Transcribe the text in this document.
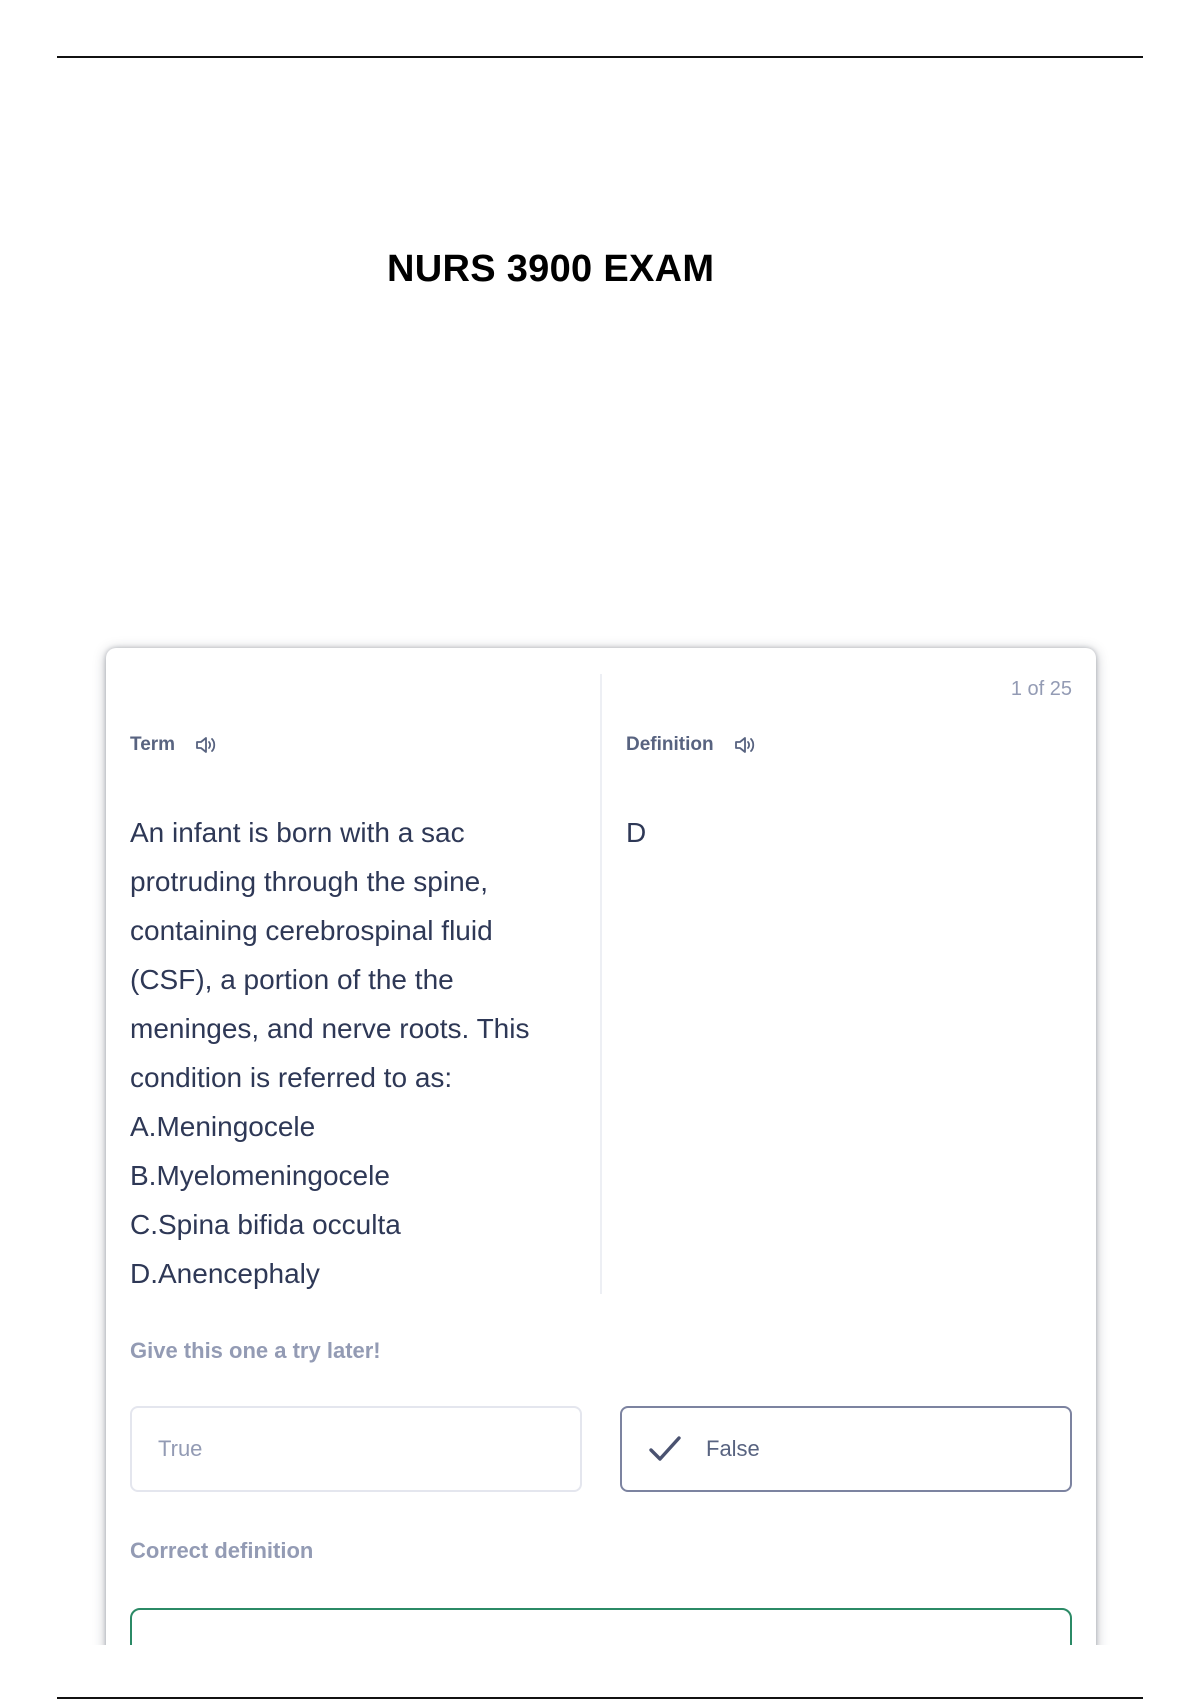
NURS 3900 EXAM
1 of 25
Term	Definition
An infant is born with a sac
protruding through the spine,
containing cerebrospinal fluid
(CSF), a portion of the the
meninges, and nerve roots. This
condition is referred to as:
A.Meningocele
B.Myelomeningocele
C.Spina bifida occulta
D.Anencephaly
D
Give this one a try later!
True	False
Correct definition
